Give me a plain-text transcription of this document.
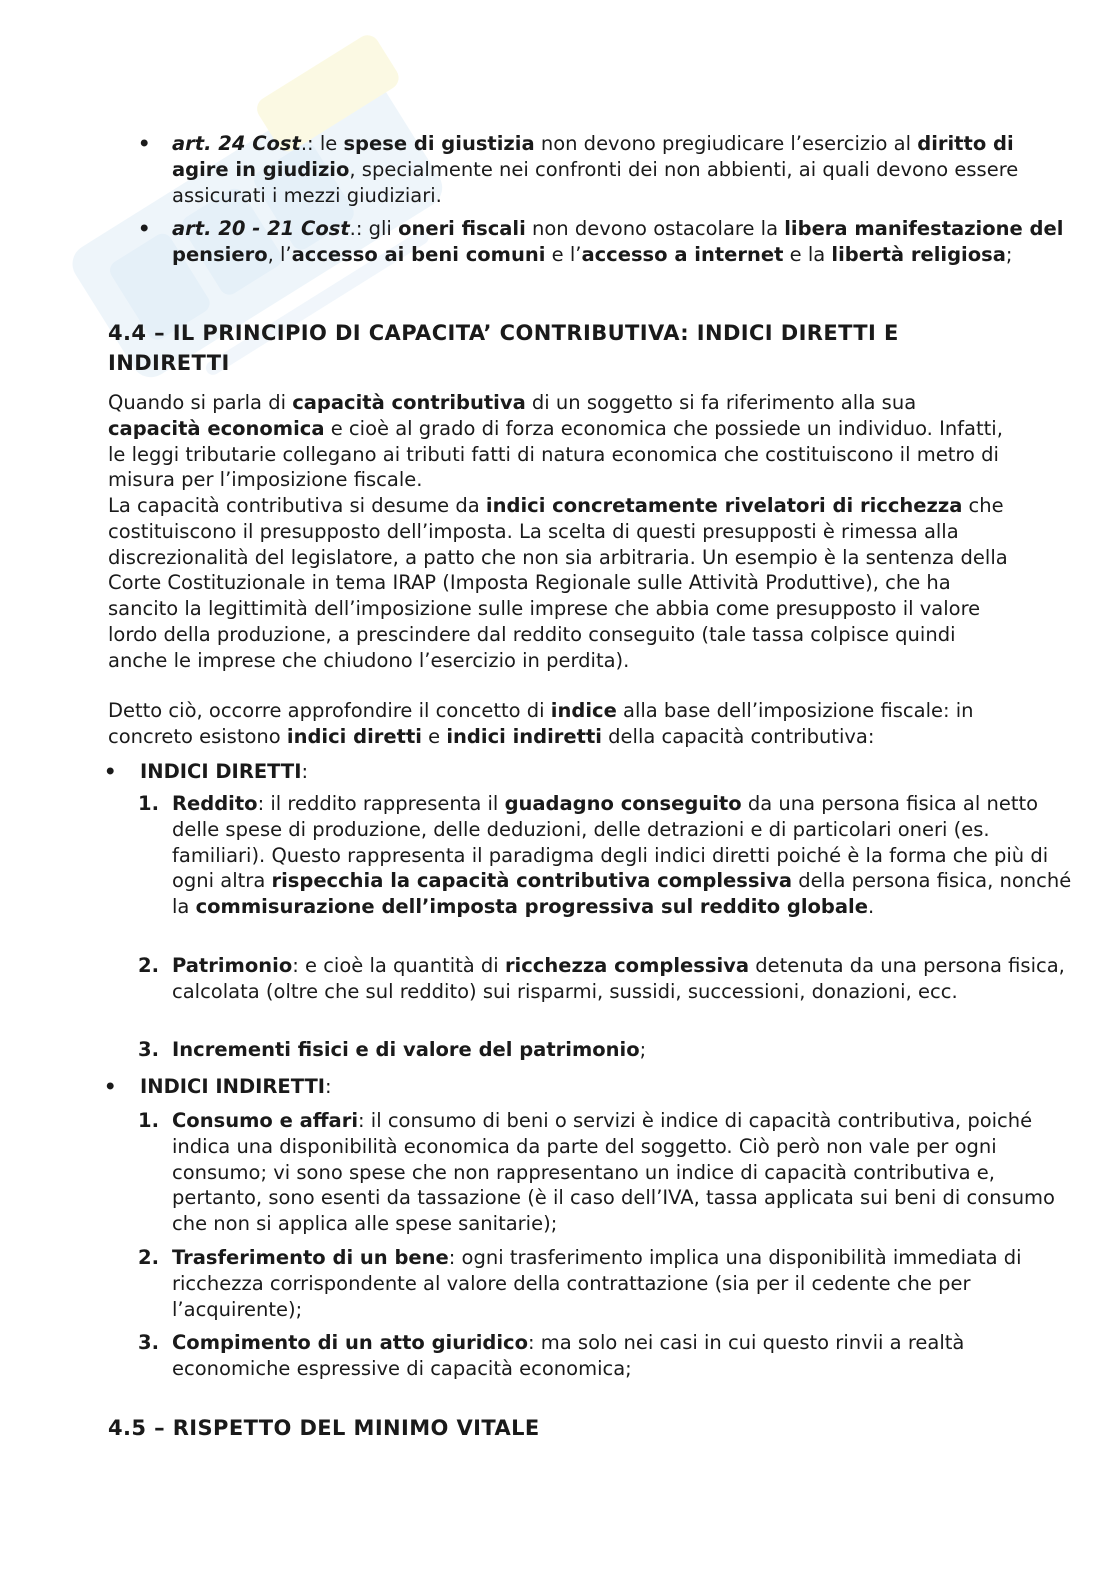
• art. 24 Cost.: le spese di giustizia non devono pregiudicare l’esercizio al diritto di agire in giudizio, specialmente nei confronti dei non abbienti, ai quali devono essere assicurati i mezzi giudiziari.
• art. 20 - 21 Cost.: gli oneri fiscali non devono ostacolare la libera manifestazione del pensiero, l’accesso ai beni comuni e l’accesso a internet e la libertà religiosa;
4.4 – IL PRINCIPIO DI CAPACITA’ CONTRIBUTIVA: INDICI DIRETTI E INDIRETTI
Quando si parla di capacità contributiva di un soggetto si fa riferimento alla sua capacità economica e cioè al grado di forza economica che possiede un individuo. Infatti, le leggi tributarie collegano ai tributi fatti di natura economica che costituiscono il metro di misura per l’imposizione fiscale.
La capacità contributiva si desume da indici concretamente rivelatori di ricchezza che costituiscono il presupposto dell’imposta. La scelta di questi presupposti è rimessa alla discrezionalità del legislatore, a patto che non sia arbitraria. Un esempio è la sentenza della Corte Costituzionale in tema IRAP (Imposta Regionale sulle Attività Produttive), che ha sancito la legittimità dell’imposizione sulle imprese che abbia come presupposto il valore lordo della produzione, a prescindere dal reddito conseguito (tale tassa colpisce quindi anche le imprese che chiudono l’esercizio in perdita).
Detto ciò, occorre approfondire il concetto di indice alla base dell’imposizione fiscale: in concreto esistono indici diretti e indici indiretti della capacità contributiva:
• INDICI DIRETTI:
1. Reddito: il reddito rappresenta il guadagno conseguito da una persona fisica al netto delle spese di produzione, delle deduzioni, delle detrazioni e di particolari oneri (es. familiari). Questo rappresenta il paradigma degli indici diretti poiché è la forma che più di ogni altra rispecchia la capacità contributiva complessiva della persona fisica, nonché la commisurazione dell’imposta progressiva sul reddito globale.
2. Patrimonio: e cioè la quantità di ricchezza complessiva detenuta da una persona fisica, calcolata (oltre che sul reddito) sui risparmi, sussidi, successioni, donazioni, ecc.
3. Incrementi fisici e di valore del patrimonio;
• INDICI INDIRETTI:
1. Consumo e affari: il consumo di beni o servizi è indice di capacità contributiva, poiché indica una disponibilità economica da parte del soggetto. Ciò però non vale per ogni consumo; vi sono spese che non rappresentano un indice di capacità contributiva e, pertanto, sono esenti da tassazione (è il caso dell’IVA, tassa applicata sui beni di consumo che non si applica alle spese sanitarie);
2. Trasferimento di un bene: ogni trasferimento implica una disponibilità immediata di ricchezza corrispondente al valore della contrattazione (sia per il cedente che per l’acquirente);
3. Compimento di un atto giuridico: ma solo nei casi in cui questo rinvii a realtà economiche espressive di capacità economica;
4.5 – RISPETTO DEL MINIMO VITALE
